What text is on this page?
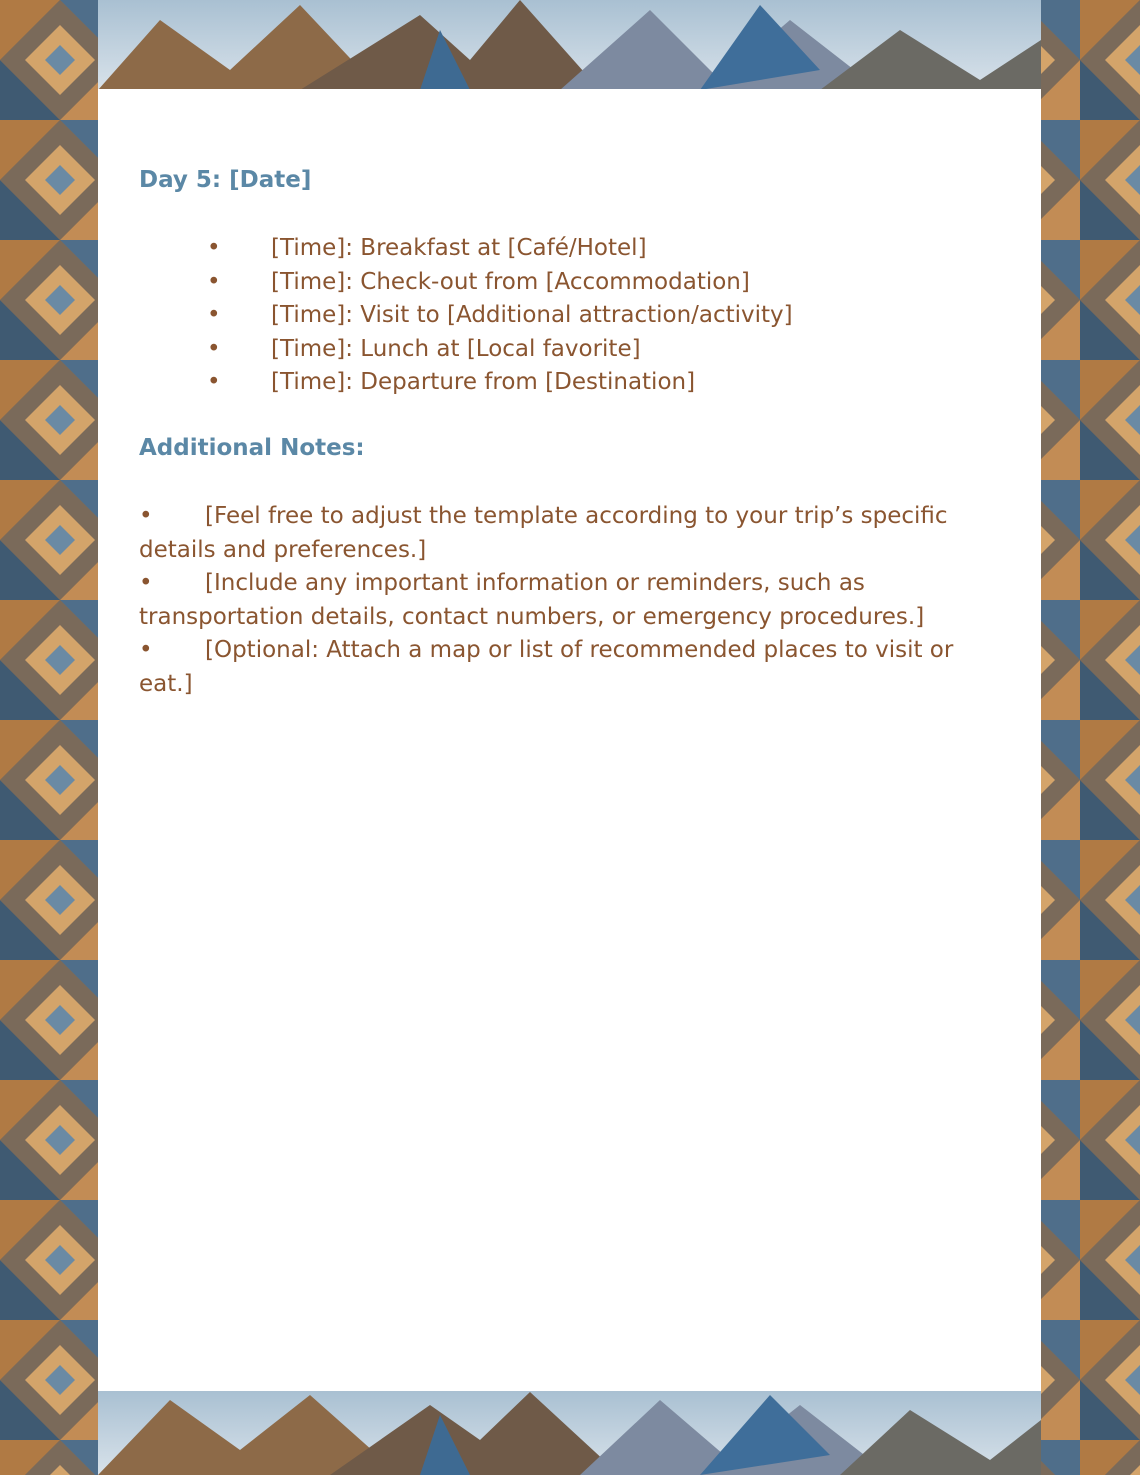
Day 5: [Date]
• [Time]: Breakfast at [Café/Hotel]
• [Time]: Check-out from [Accommodation]
• [Time]: Visit to [Additional attraction/activity]
• [Time]: Lunch at [Local favorite]
• [Time]: Departure from [Destination]
Additional Notes:
• [Feel free to adjust the template according to your trip’s specific details and preferences.]
• [Include any important information or reminders, such as transportation details, contact numbers, or emergency procedures.]
• [Optional: Attach a map or list of recommended places to visit or eat.]
